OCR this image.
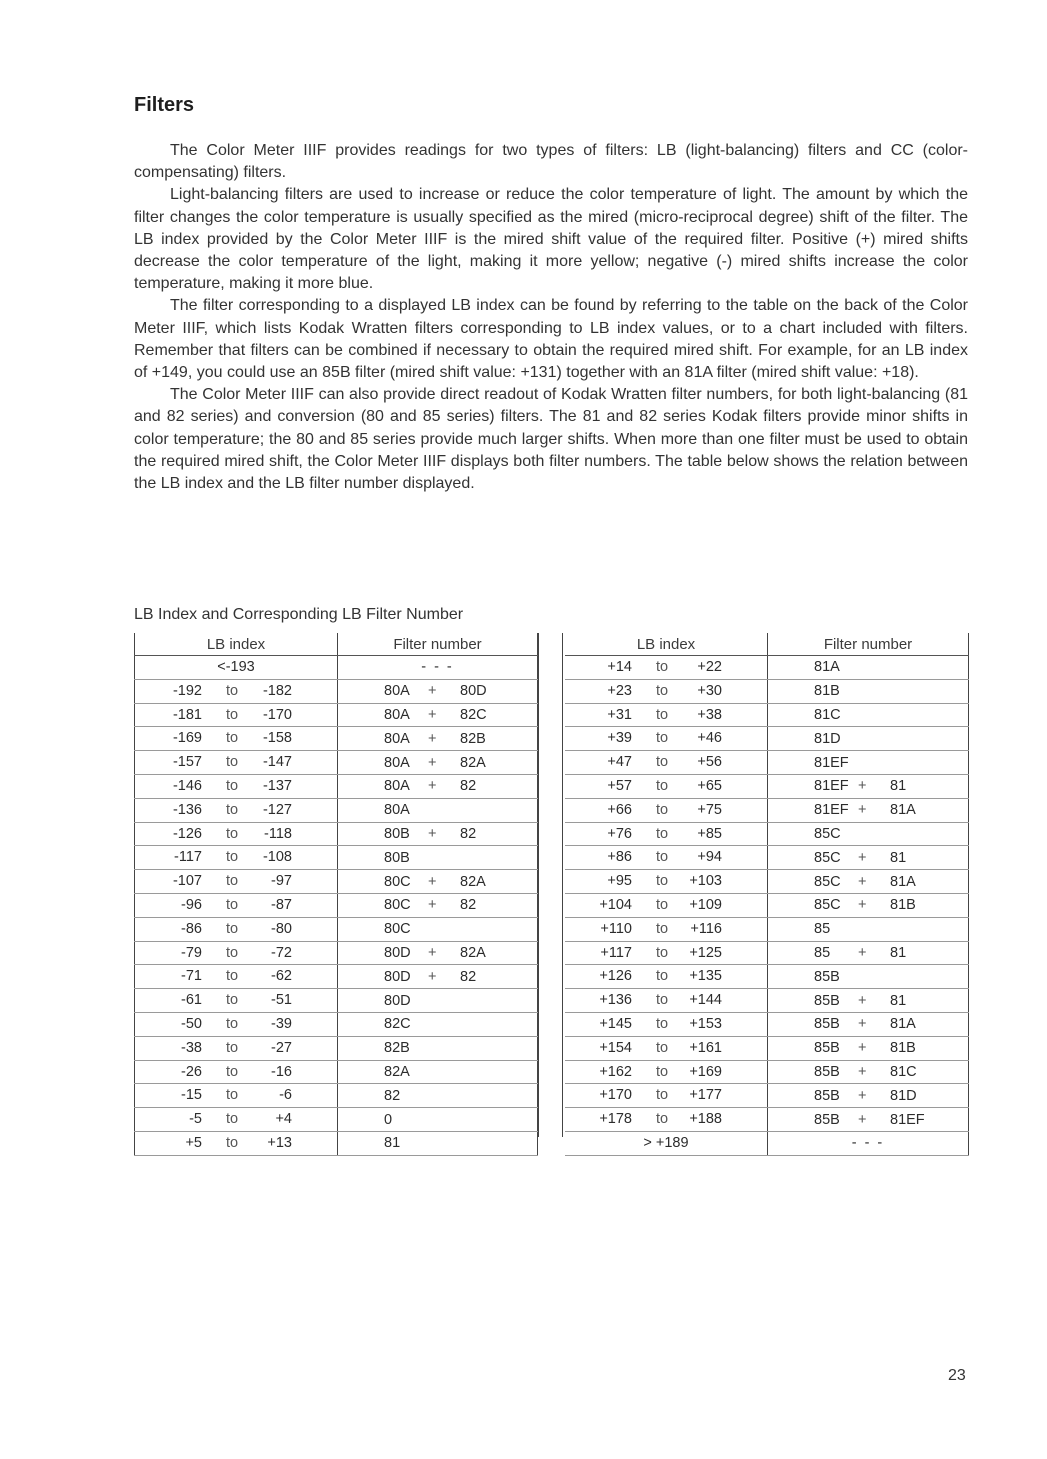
Filters

The Color Meter IIIF provides readings for two types of filters: LB (light-balancing) filters and CC (color-compensating) filters.

Light-balancing filters are used to increase or reduce the color temperature of light. The amount by which the filter changes the color temperature is usually specified as the mired (micro-reciprocal degree) shift of the filter. The LB index provided by the Color Meter IIIF is the mired shift value of the required filter. Positive (+) mired shifts decrease the color temperature of the light, making it more yellow; negative (-) mired shifts increase the color temperature, making it more blue.

The filter corresponding to a displayed LB index can be found by referring to the table on the back of the Color Meter IIIF, which lists Kodak Wratten filters corresponding to LB index values, or to a chart included with filters. Remember that filters can be combined if necessary to obtain the required mired shift. For example, for an LB index of +149, you could use an 85B filter (mired shift value: +131) together with an 81A filter (mired shift value: +18).

The Color Meter IIIF can also provide direct readout of Kodak Wratten filter numbers, for both light-balancing (81 and 82 series) and conversion (80 and 85 series) filters. The 81 and 82 series Kodak filters provide minor shifts in color temperature; the 80 and 85 series provide much larger shifts. When more than one filter must be used to obtain the required mired shift, the Color Meter IIIF displays both filter numbers. The table below shows the relation between the LB index and the LB filter number displayed.

LB Index and Corresponding LB Filter Number

LB index	Filter number
<-193	- - -

-192 to -182	80A + 80D

-181 to -170	80A + 82C

-169 to -158	80A + 82B

-157 to -147	80A + 82A

-146 to -137	80A + 82

-136 to -127	80A

-126 to -118	80B + 82

-117 to -108	80B

-107 to -97	80C + 82A

-96 to -87	80C + 82

-86 to -80	80C

-79 to -72	80D + 82A

-71 to -62	80D + 82

-61 to -51	80D

-50 to -39	82C

-38 to -27	82B

-26 to -16	82A

-15 to -6	82

-5 to +4	0

+5 to +13	81
LB index	Filter number

+14 to +22	81A

+23 to +30	81B

+31 to +38	81C

+39 to +46	81D

+47 to +56	81EF

+57 to +65	81EF + 81

+66 to +75	81EF + 81A

+76 to +85	85C

+86 to +94	85C + 81

+95 to +103	85C + 81A

+104 to +109	85C + 81B

+110 to +116	85

+117 to +125	85 + 81

+126 to +135	85B

+136 to +144	85B + 81

+145 to +153	85B + 81A

+154 to +161	85B + 81B

+162 to +169	85B + 81C

+170 to +177	85B + 81D

+178 to +188	85B + 81EF
> +189	- - -

23
